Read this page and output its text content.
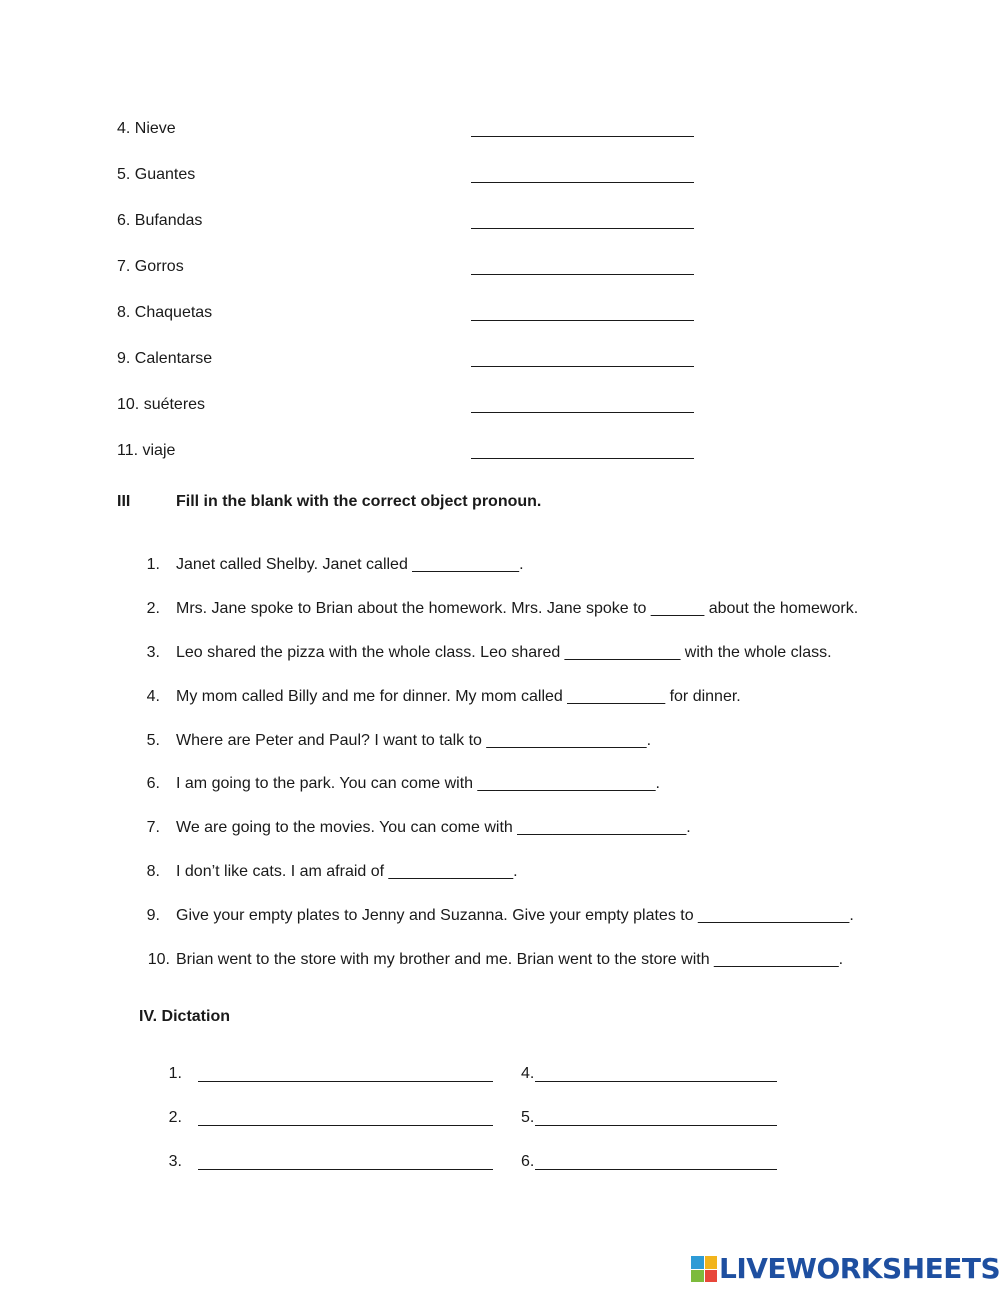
4. Nieve
5. Guantes
6. Bufandas
7. Gorros
8. Chaquetas
9. Calentarse
10. suéteres
11. viaje
III	Fill in the blank with the correct object pronoun.
1. Janet called Shelby. Janet called ____________.
2. Mrs. Jane spoke to Brian about the homework. Mrs. Jane spoke to ______ about the homework.
3. Leo shared the pizza with the whole class. Leo shared _____________ with the whole class.
4. My mom called Billy and me for dinner. My mom called ___________ for dinner.
5. Where are Peter and Paul? I want to talk to __________________.
6. I am going to the park. You can come with ____________________.
7. We are going to the movies. You can come with ___________________.
8. I don’t like cats. I am afraid of ______________.
9. Give your empty plates to Jenny and Suzanna. Give your empty plates to _________________.
10. Brian went to the store with my brother and me. Brian went to the store with ______________.
IV. Dictation
1.	4.
2.	5.
3.	6.
LIVEWORKSHEETS
